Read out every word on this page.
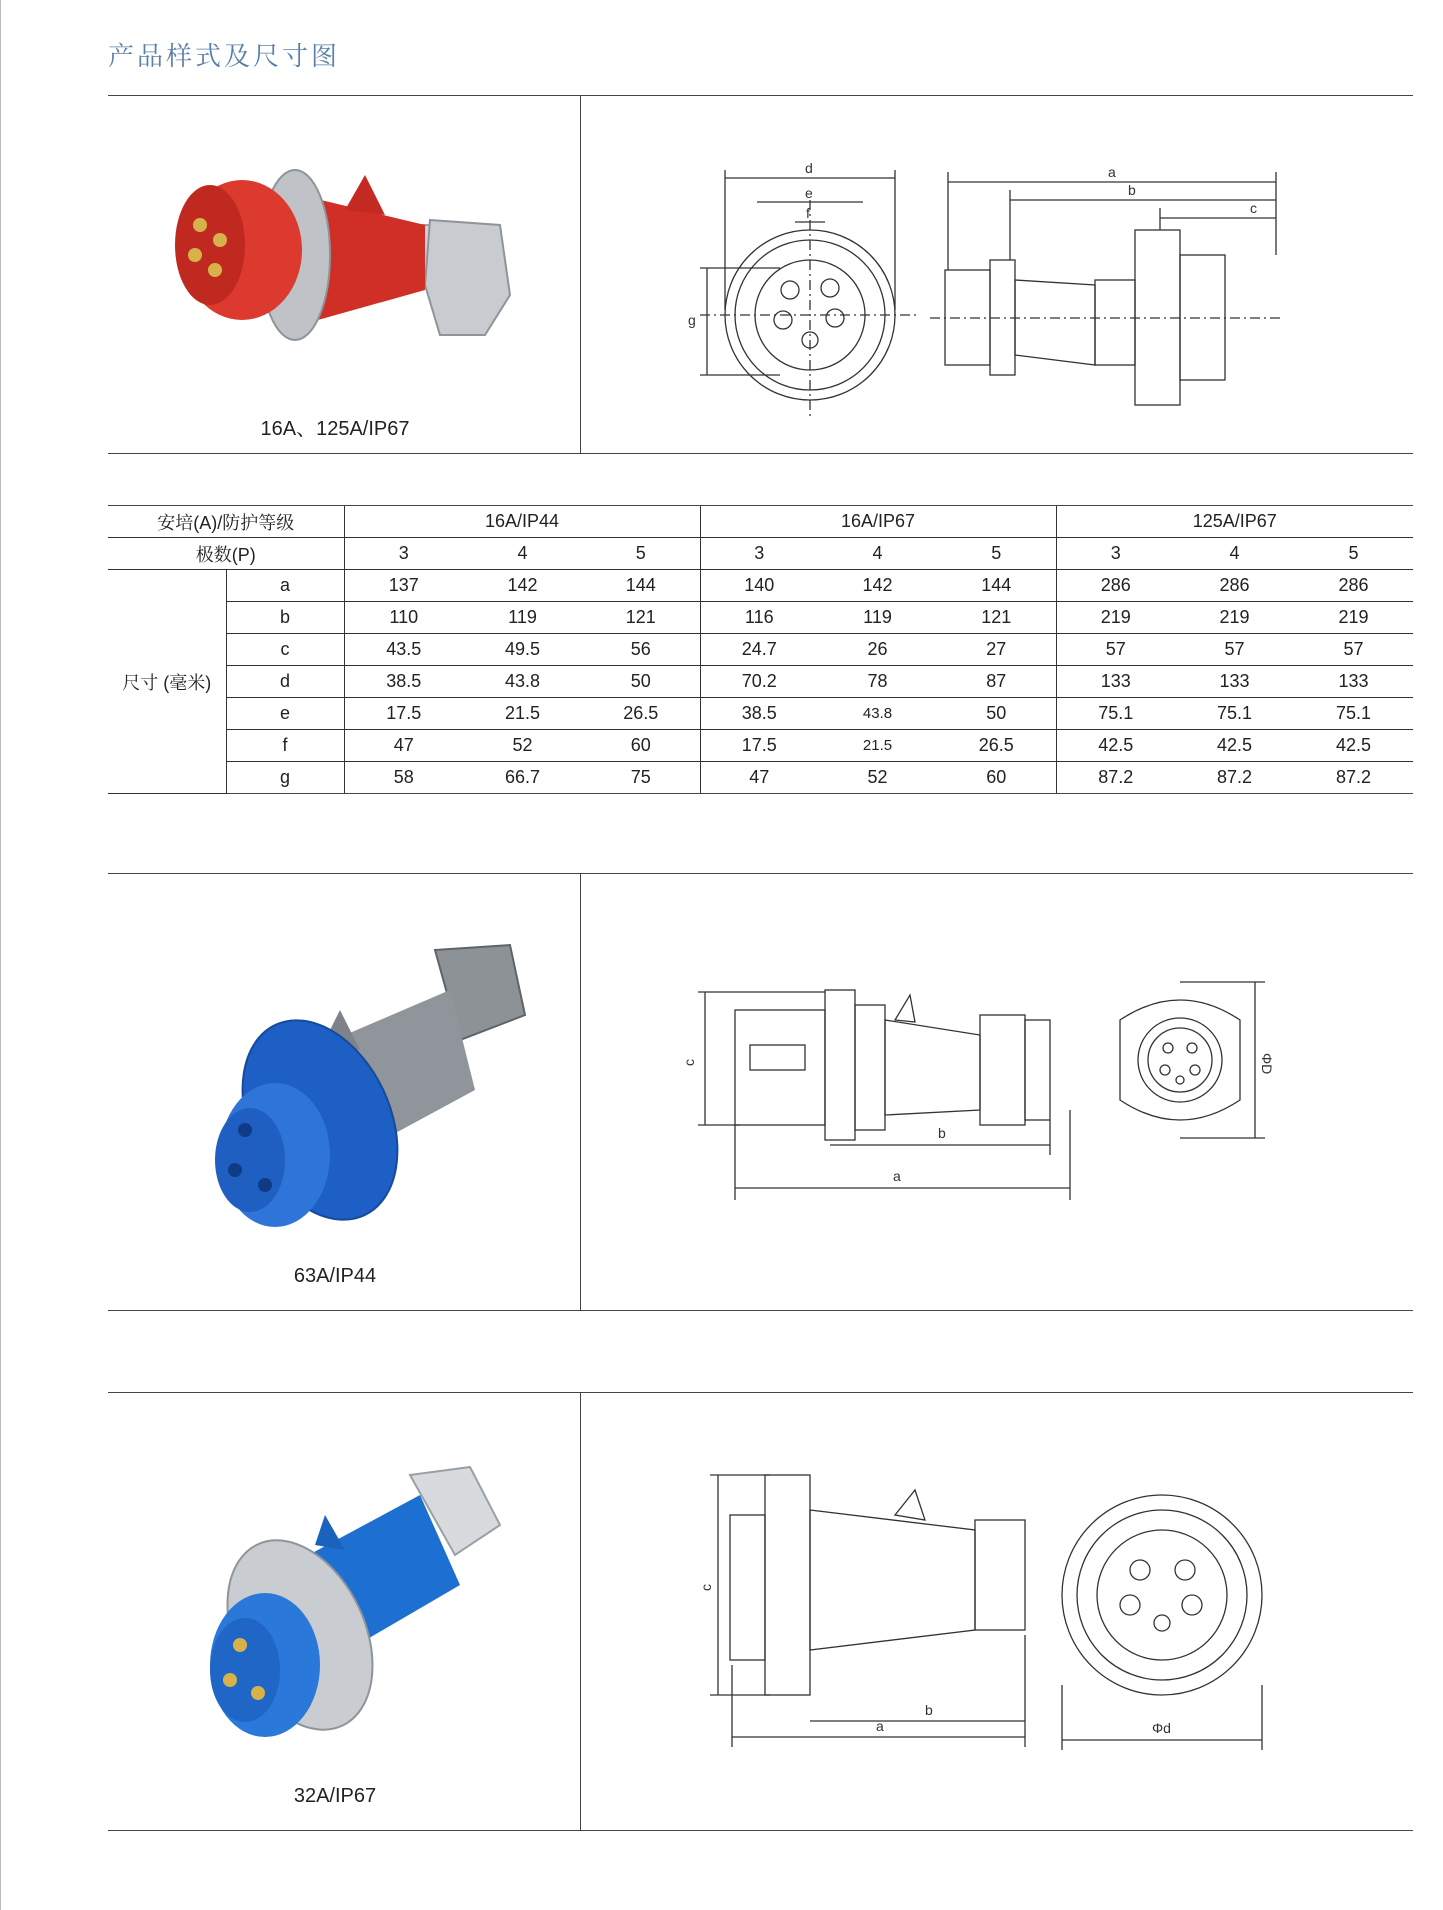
产品样式及尺寸图
16A、125A/IP67
d
e
f
g
a
b
c
安培(A)/防护等级		16A/IP44			16A/IP67			125A/IP67		
极数(P)		3	4	5	3	4	5	3	4	5
尺寸 (毫米)	a	137	142	144	140	142	144	286	286	286
	b	110	119	121	116	119	121	219	219	219
	c	43.5	49.5	56	24.7	26	27	57	57	57
	d	38.5	43.8	50	70.2	78	87	133	133	133
	e	17.5	21.5	26.5	38.5	43.8	50	75.1	75.1	75.1
	f	47	52	60	17.5	21.5	26.5	42.5	42.5	42.5
	g	58	66.7	75	47	52	60	87.2	87.2	87.2
63A/IP44
c
b
a
ΦD
32A/IP67
c
b
a	Φd
